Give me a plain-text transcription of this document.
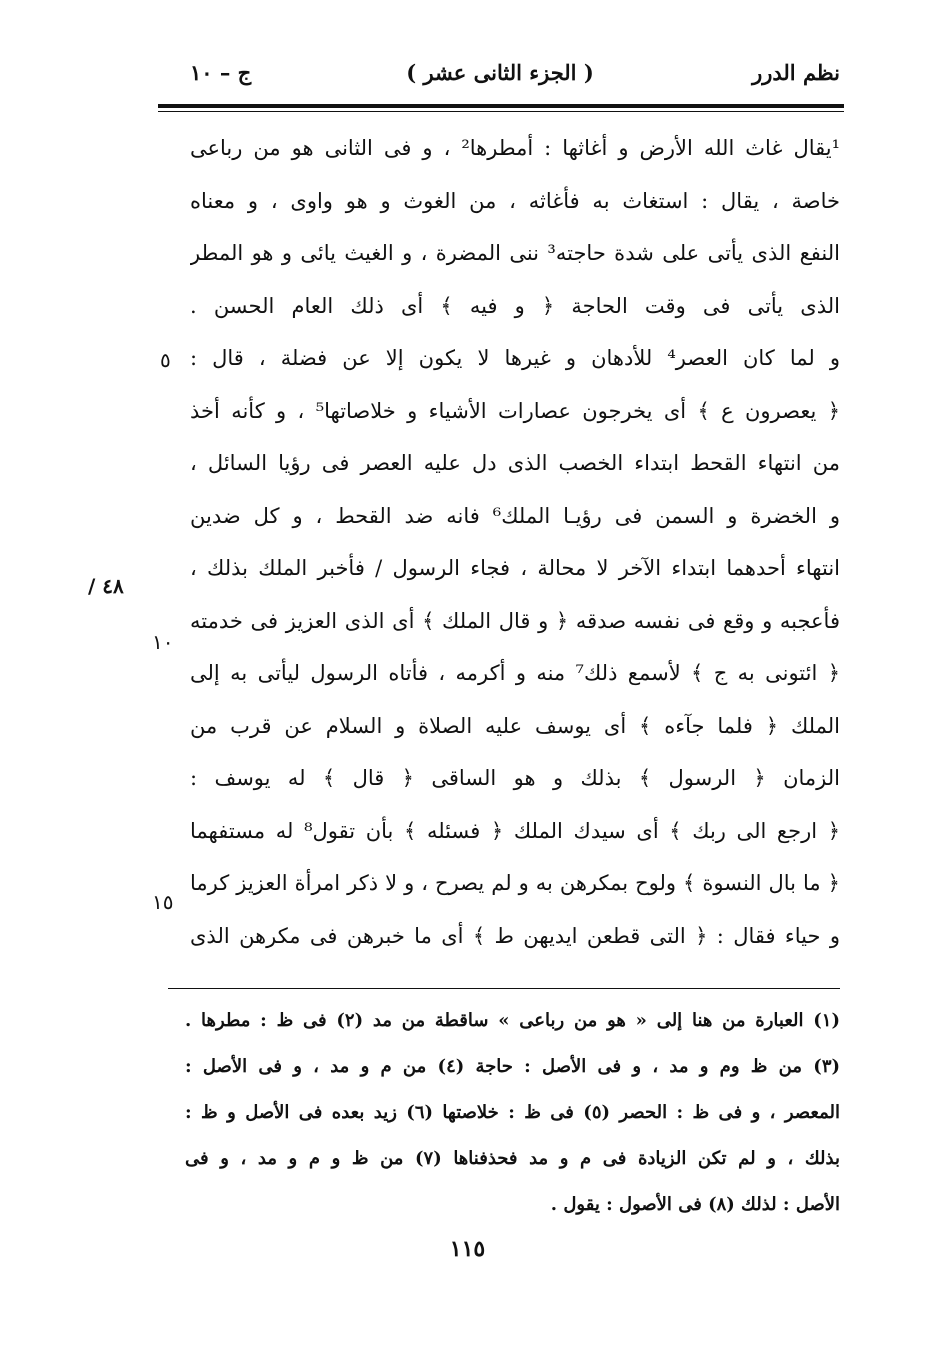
نظم الدرر
( الجزء الثانى عشر )
ج – ١٠
¹يقال غاث الله الأرض و أغاثها : أمطرها² ، و فى الثانى هو من رباعى
خاصة ، يقال : استغاث به فأغاثه ، من الغوث و هو واوى ، و معناه
النفع الذى يأتى على شدة حاجته³ ننى المضرة ، و الغيث يائى و هو المطر
الذى يأتى فى وقت الحاجة ﴿ و فيه ﴾ أى ذلك العام الحسن .
و لما كان العصر⁴ للأدهان و غيرها لا يكون إلا عن فضلة ، قال :
﴿ يعصرون ع ﴾ أى يخرجون عصارات الأشياء و خلاصاتها⁵ ، و كأنه أخذ
من انتهاء القحط ابتداء الخصب الذى دل عليه العصر فى رؤيا السائل ،
و الخضرة و السمن فى رؤيـا الملك⁶ فانه ضد القحط ، و كل ضدين
انتهاء أحدهما ابتداء الآخر لا محالة ، فجاء الرسول / فأخبر الملك بذلك ،
فأعجبه و وقع فى نفسه صدقه ﴿ و قال الملك ﴾ أى الذى العزيز فى خدمته
﴿ ائتونى به ج ﴾ لأسمع ذلك⁷ منه و أكرمه ، فأتاه الرسول ليأتى به إلى
الملك ﴿ فلما جآءه ﴾ أى يوسف عليه الصلاة و السلام عن قرب من
الزمان ﴿ الرسول ﴾ بذلك و هو الساقى ﴿ قال ﴾ له يوسف :
﴿ ارجع الى ربك ﴾ أى سيدك الملك ﴿ فسئله ﴾ بأن تقول⁸ له مستفهما
﴿ ما بال النسوة ﴾ ولوح بمكرهن به و لم يصرح ، و لا ذكر امرأة العزيز كرما
و حياء فقال : ﴿ التى قطعن ايديهن ط ﴾ أى ما خبرهن فى مكرهن الذى
٥
١٠
١٥
٤٨ /
(١) العبارة من هنا إلى « هو من رباعى » ساقطة من مد (٢) فى ظ : مطرها .
(٣) من ظ وم و مد ، و فى الأصل : حاجة (٤) من م و مد ، و فى الأصل :
المعصر ، و فى ظ : الحصر (٥) فى ظ : خلاصتها (٦) زيد بعده فى الأصل و ظ :
بذلك ، و لم تكن الزيادة فى م و مد فحذفناها (٧) من ظ و م و مد ، و فى
الأصل : لذلك (٨) فى الأصول : يقول .
١١٥
